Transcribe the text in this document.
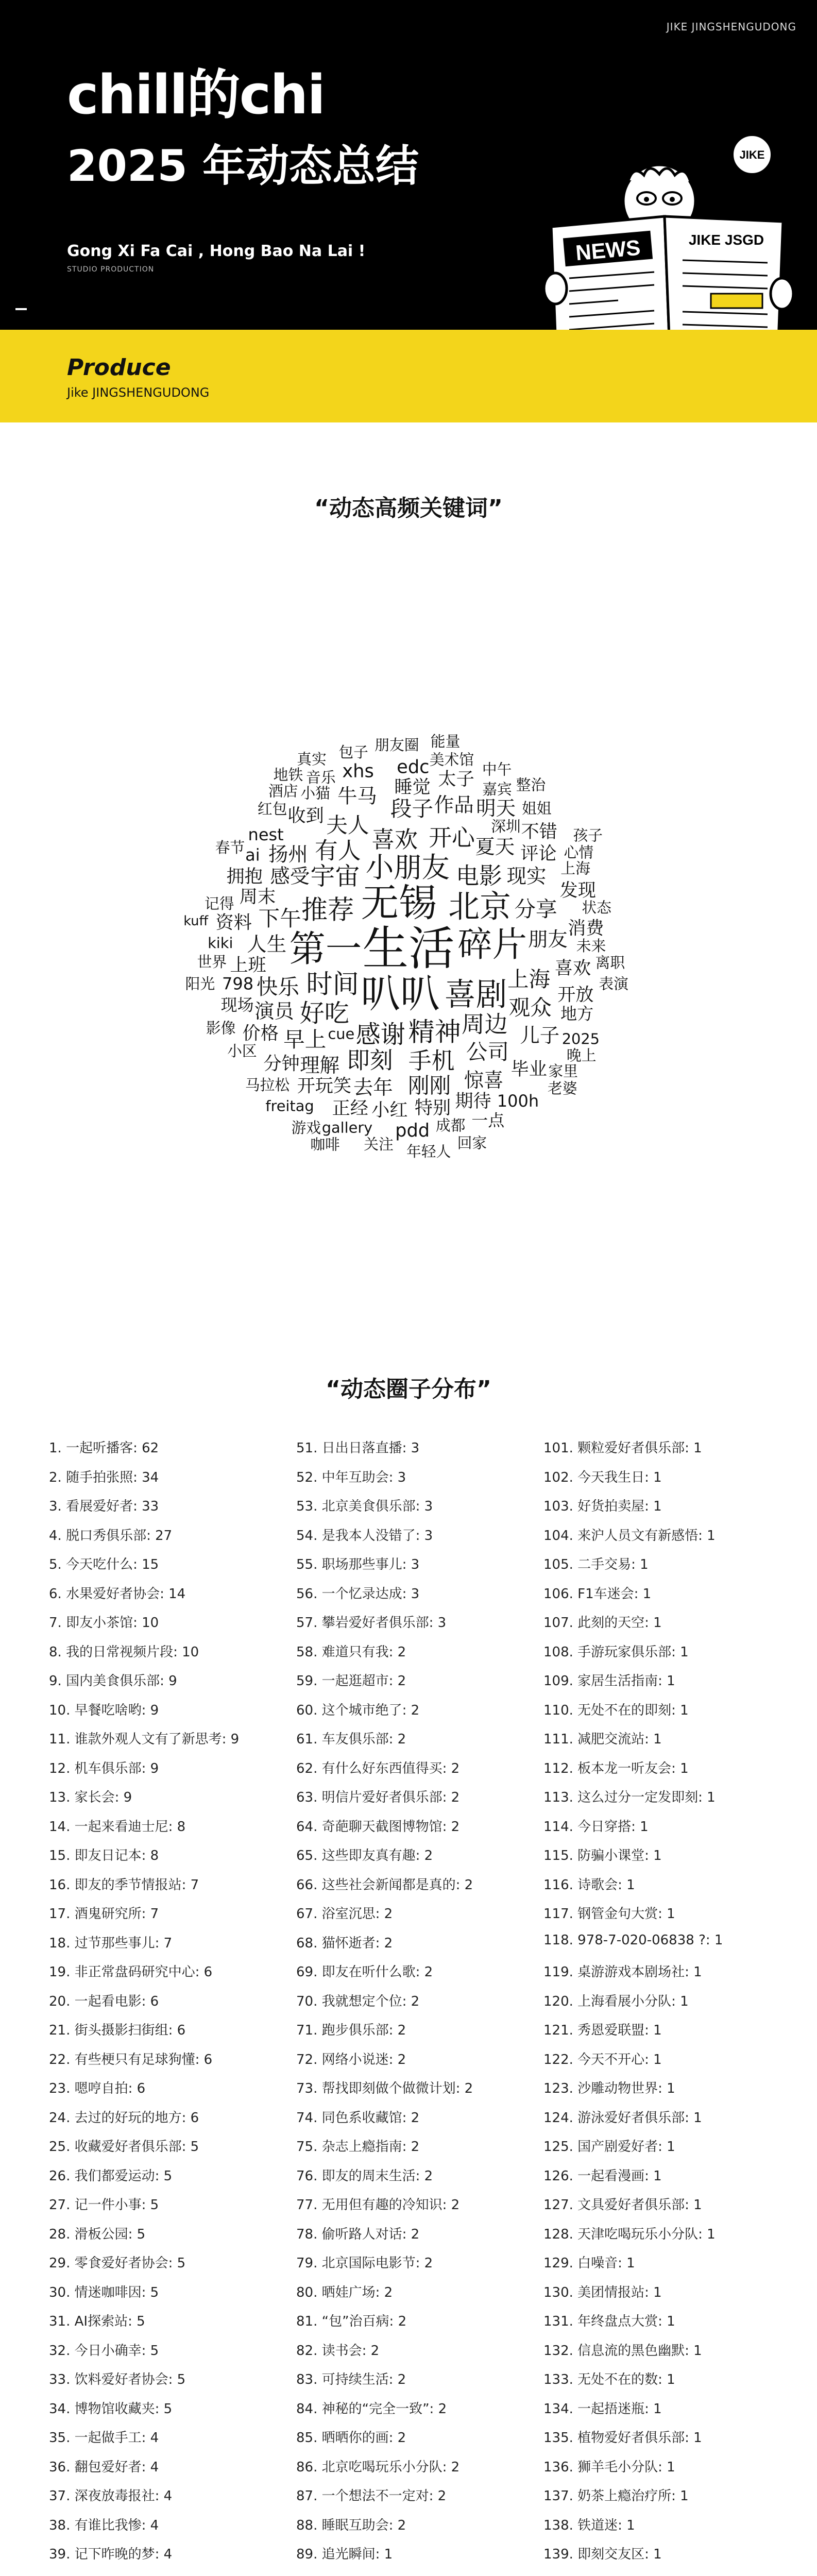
JIKE JINGSHENGUDONG
chill的chi
2025 年动态总结
Gong Xi Fa Cai , Hong Bao Na Lai !
STUDIO PRODUCTION
JIKE
NEWS	JIKE JSGD
Produce
Jike JINGSHENGUDONG
“动态高频关键词”
生活
叭叭
无锡
第一	碎片
北京
喜剧
小朋友
精神
推荐
时间
感谢
宇宙
好吃	周边
喜欢
电影
手机
有人	开心
即刻
分享
上海
公司
早上
快乐
段子
刚刚
下午
观众
夫人
夏天
去年
感受	现实
理解
人生	朋友
演员
作品
惊喜
扬州
牛马
明天
儿子
特别
睡觉
喜欢
评论
开玩笑
小红
上班
收到
正经	期待
毕业
周末
分钟
消费
价格
资料
太子
拥抱
发现
不错
开放
xhs edc
pdd
地方
nest
100h
ai
798
一点
现场
gallery
freitag
kiki
cue	2025
美术馆
小猫
成都
上海
姐姐
心情
状态
红包
音乐
嘉宾
家里
马拉松
深圳
酒店
小区
朋友圈
年轻人
未来
关注
世界
记得
回家
春节
整治
离职
老婆
游戏
中午
包子
晚上
表演
真实
能量
影像
地铁
咖啡
阳光
孩子
kuff
“动态圈子分布”
1. 一起听播客: 62
2. 随手拍张照: 34
3. 看展爱好者: 33
4. 脱口秀俱乐部: 27
5. 今天吃什么: 15
6. 水果爱好者协会: 14
7. 即友小茶馆: 10
8. 我的日常视频片段: 10
9. 国内美食俱乐部: 9
10. 早餐吃啥哟: 9
11. 谁款外观人文有了新思考: 9
12. 机车俱乐部: 9
13. 家长会: 9
14. 一起来看迪士尼: 8
15. 即友日记本: 8
16. 即友的季节情报站: 7
17. 酒鬼研究所: 7
18. 过节那些事儿: 7
19. 非正常盘码研究中心: 6
20. 一起看电影: 6
21. 街头摄影扫街组: 6
22. 有些梗只有足球狗懂: 6
23. 嗯哼自拍: 6
24. 去过的好玩的地方: 6
25. 收藏爱好者俱乐部: 5
26. 我们都爱运动: 5
27. 记一件小事: 5
28. 滑板公园: 5
29. 零食爱好者协会: 5
30. 情迷咖啡因: 5
31. AI探索站: 5
32. 今日小确幸: 5
33. 饮料爱好者协会: 5
34. 博物馆收藏夹: 5
35. 一起做手工: 4
36. 翻包爱好者: 4
37. 深夜放毒报社: 4
38. 有谁比我惨: 4
39. 记下昨晚的梦: 4
51. 日出日落直播: 3
52. 中年互助会: 3
53. 北京美食俱乐部: 3
54. 是我本人没错了: 3
55. 职场那些事儿: 3
56. 一个忆录达成: 3
57. 攀岩爱好者俱乐部: 3
58. 难道只有我: 2
59. 一起逛超市: 2
60. 这个城市绝了: 2
61. 车友俱乐部: 2
62. 有什么好东西值得买: 2
63. 明信片爱好者俱乐部: 2
64. 奇葩聊天截图博物馆: 2
65. 这些即友真有趣: 2
66. 这些社会新闻都是真的: 2
67. 浴室沉思: 2
68. 猫怀逝者: 2
69. 即友在听什么歌: 2
70. 我就想定个位: 2
71. 跑步俱乐部: 2
72. 网络小说迷: 2
73. 帮找即刻做个做微计划: 2
74. 同色系收藏馆: 2
75. 杂志上瘾指南: 2
76. 即友的周末生活: 2
77. 无用但有趣的冷知识: 2
78. 偷听路人对话: 2
79. 北京国际电影节: 2
80. 晒娃广场: 2
81. “包”治百病: 2
82. 读书会: 2
83. 可持续生活: 2
84. 神秘的“完全一致”: 2
85. 晒晒你的画: 2
86. 北京吃喝玩乐小分队: 2
87. 一个想法不一定对: 2
88. 睡眠互助会: 2
89. 追光瞬间: 1
101. 颗粒爱好者俱乐部: 1
102. 今天我生日: 1
103. 好货拍卖屋: 1
104. 来沪人员文有新感悟: 1
105. 二手交易: 1
106. F1车迷会: 1
107. 此刻的天空: 1
108. 手游玩家俱乐部: 1
109. 家居生活指南: 1
110. 无处不在的即刻: 1
111. 减肥交流站: 1
112. 板本龙一听友会: 1
113. 这么过分一定发即刻: 1
114. 今日穿搭: 1
115. 防骗小课堂: 1
116. 诗歌会: 1
117. 钢管金句大赏: 1
118. 978-7-020-06838 ?: 1
119. 桌游游戏本剧场社: 1
120. 上海看展小分队: 1
121. 秀恩爱联盟: 1
122. 今天不开心: 1
123. 沙雕动物世界: 1
124. 游泳爱好者俱乐部: 1
125. 国产剧爱好者: 1
126. 一起看漫画: 1
127. 文具爱好者俱乐部: 1
128. 天津吃喝玩乐小分队: 1
129. 白噪音: 1
130. 美团情报站: 1
131. 年终盘点大赏: 1
132. 信息流的黑色幽默: 1
133. 无处不在的数: 1
134. 一起捂迷瓶: 1
135. 植物爱好者俱乐部: 1
136. 狮羊毛小分队: 1
137. 奶茶上瘾治疗所: 1
138. 铁道迷: 1
139. 即刻交友区: 1
